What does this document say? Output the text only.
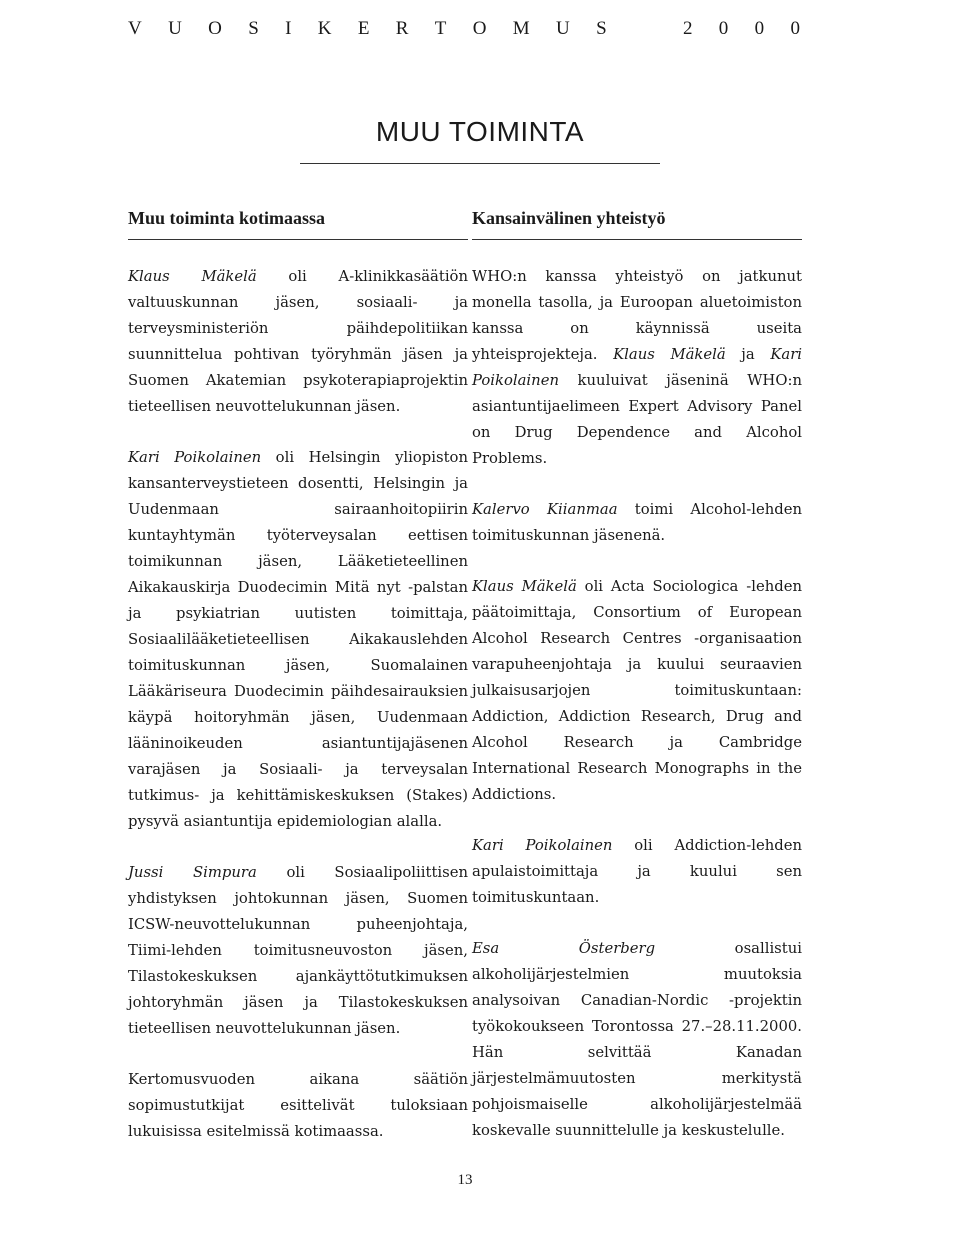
V U O S I K E R T O M U S	2 0 0 0
MUU TOIMINTA
Muu toiminta kotimaassa

Klaus Mäkelä oli A-klinikkasäätiön valtuuskunnan jäsen, sosiaali- ja terveysministeriön päihdepolitiikan suunnittelua pohtivan työryhmän jäsen ja Suomen Akatemian psykoterapiaprojektin tieteellisen neuvottelukunnan jäsen.

Kari Poikolainen oli Helsingin yliopiston kansanterveystieteen dosentti, Helsingin ja Uudenmaan sairaanhoitopiirin kuntayhtymän työterveysalan eettisen toimikunnan jäsen, Lääketieteellinen Aikakauskirja Duodecimin Mitä nyt -palstan ja psykiatrian uutisten toimittaja, Sosiaalilääketieteellisen Aikakauslehden toimituskunnan jäsen, Suomalainen Lääkäriseura Duodecimin päihdesairauksien käypä hoitoryhmän jäsen, Uudenmaan lääninoikeuden asiantuntijajäsenen varajäsen ja Sosiaali- ja terveysalan tutkimus- ja kehittämiskeskuksen (Stakes) pysyvä asiantuntija epidemiologian alalla.

Jussi Simpura oli Sosiaalipoliittisen yhdistyksen johtokunnan jäsen, Suomen ICSW-neuvottelukunnan puheenjohtaja, Tiimi-lehden toimitusneuvoston jäsen, Tilastokeskuksen ajankäyttötutkimuksen johtoryhmän jäsen ja Tilastokeskuksen tieteellisen neuvottelukunnan jäsen.

Kertomusvuoden aikana säätiön sopimustutkijat esittelivät tuloksiaan lukuisissa esitelmissä kotimaassa.

Kansainvälinen yhteistyö

WHO:n kanssa yhteistyö on jatkunut monella tasolla, ja Euroopan aluetoimiston kanssa on käynnissä useita yhteisprojekteja. Klaus Mäkelä ja Kari Poikolainen kuuluivat jäseninä WHO:n asiantuntijaelimeen Expert Advisory Panel on Drug Dependence and Alcohol Problems.

Kalervo Kiianmaa toimi Alcohol-lehden toimituskunnan jäsenenä.

Klaus Mäkelä oli Acta Sociologica -lehden päätoimittaja, Consortium of European Alcohol Research Centres -organisaation varapuheenjohtaja ja kuului seuraavien julkaisusarjojen toimituskuntaan: Addiction, Addiction Research, Drug and Alcohol Research ja Cambridge International Research Monographs in the Addictions.

Kari Poikolainen oli Addiction-lehden apulaistoimittaja ja kuului sen toimituskuntaan.

Esa Österberg osallistui alkoholijärjestelmien muutoksia analysoivan Canadian-Nordic -projektin työkokoukseen Torontossa 27.–28.11.2000. Hän selvittää Kanadan järjestelmämuutosten merkitystä pohjoismaiselle alkoholijärjestelmää koskevalle suunnittelulle ja keskustelulle.

13
